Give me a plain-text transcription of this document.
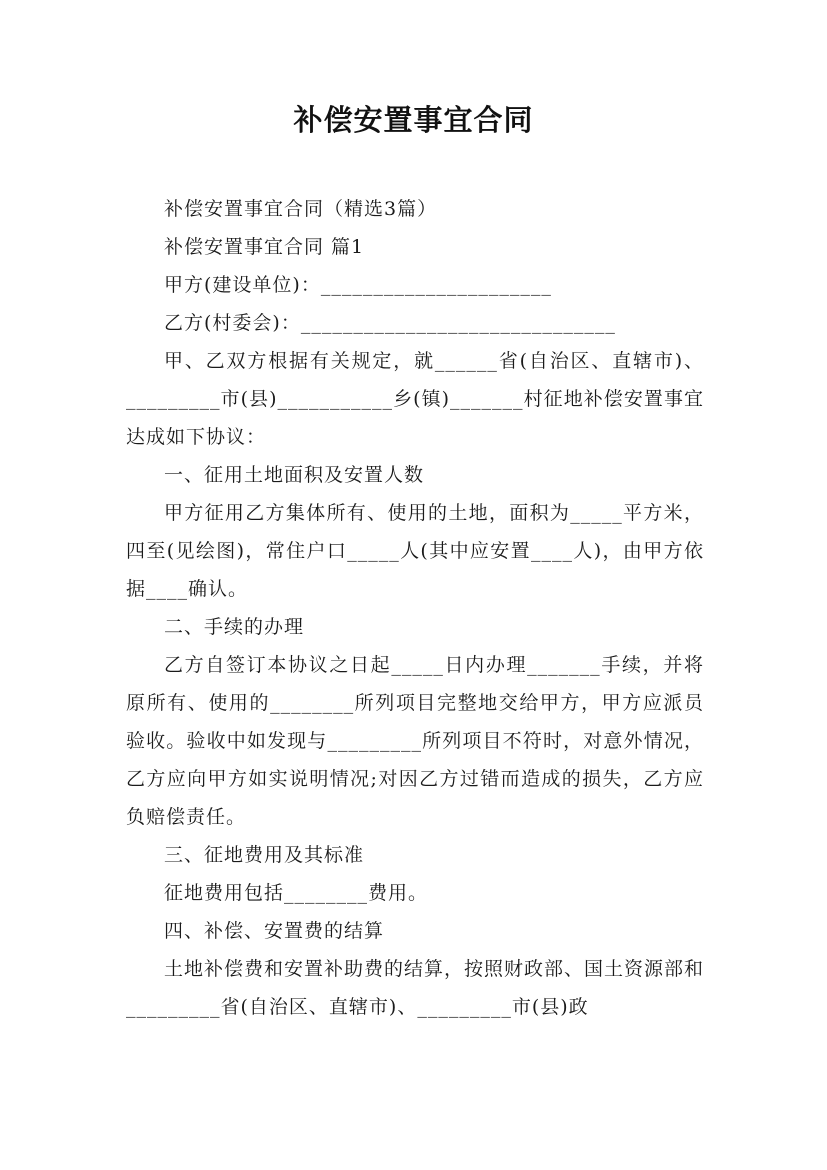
补偿安置事宜合同

补偿安置事宜合同（精选3篇）

补偿安置事宜合同 篇1

甲方(建设单位)：______________________

乙方(村委会)：______________________________

甲、乙双方根据有关规定，就______省(自治区、直辖市)、_________市(县)___________乡(镇)_______村征地补偿安置事宜达成如下协议：

一、征用土地面积及安置人数

甲方征用乙方集体所有、使用的土地，面积为_____平方米，四至(见绘图)，常住户口_____人(其中应安置____人)，由甲方依据____确认。

二、手续的办理

乙方自签订本协议之日起_____日内办理_______手续，并将原所有、使用的________所列项目完整地交给甲方，甲方应派员验收。验收中如发现与_________所列项目不符时，对意外情况，乙方应向甲方如实说明情况;对因乙方过错而造成的损失，乙方应负赔偿责任。

三、征地费用及其标准

征地费用包括________费用。

四、补偿、安置费的结算

土地补偿费和安置补助费的结算，按照财政部、国土资源部和_________省(自治区、直辖市)、_________市(县)政
